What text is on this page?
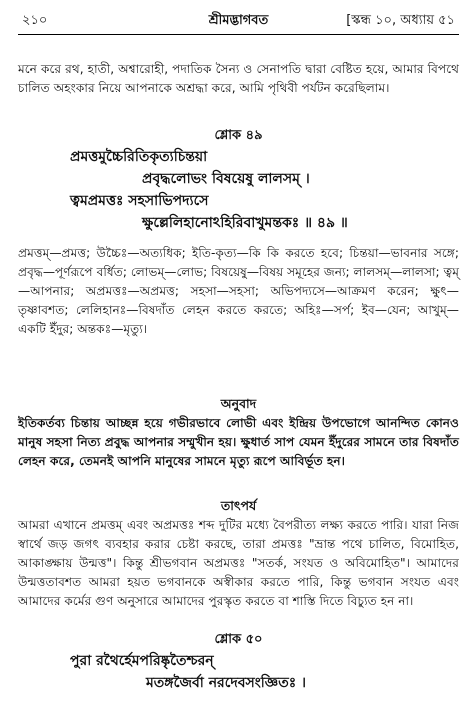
২১০	শ্রীমদ্ভাগবত	[স্কন্ধ ১০, অধ্যায় ৫১
মনে করে রথ, হাতী, অশ্বারোহী, পদাতিক সৈন্য ও সেনাপতি দ্বারা বেষ্টিত হয়ে, আমার বিপথে চালিত অহংকার নিয়ে আপনাকে অশ্রদ্ধা করে, আমি পৃথিবী পর্যটন করেছিলাম।
শ্লোক ৪৯
প্রমত্তমুচ্চৈরিতিকৃত্যচিন্তয়া
প্রবৃদ্ধলোভং বিষয়েষু লালসম্ ।
ত্বমপ্রমত্তঃ সহসাভিপদ্যসে
ক্ষুল্লেলিহানোঽহিরিবাখুমন্তকঃ ॥ ৪৯ ॥
প্রমত্তম্—প্রমত্ত; উচ্চৈঃ—অত্যধিক; ইতি-কৃত্য—কি কি করতে হবে; চিন্তয়া—ভাবনার সঙ্গে; প্রবৃদ্ধ—পূর্ণরূপে বর্ধিত; লোভম্—লোভ; বিষয়েষু—বিষয় সমূহের জন্য; লালসম্—লালসা; ত্বম্—আপনার; অপ্রমত্তঃ—অপ্রমত্ত; সহসা—সহসা; অভিপদ্যসে—আক্রমণ করেন; ক্ষুৎ—তৃষ্ণাবশত; লেলিহানঃ—বিষদাঁত লেহন করতে করতে; অহিঃ—সর্প; ইব—যেন; আখুম্—একটি ইঁদুর; অন্তকঃ—মৃত্যু।
অনুবাদ
ইতিকর্তব্য চিন্তায় আচ্ছন্ন হয়ে গভীরভাবে লোভী এবং ইন্দ্রিয় উপভোগে আনন্দিত কোনও মানুষ সহসা নিত্য প্রবুদ্ধ আপনার সম্মুখীন হয়। ক্ষুধার্ত সাপ যেমন ইঁদুরের সামনে তার বিষদাঁত লেহন করে, তেমনই আপনি মানুষের সামনে মৃত্যু রূপে আবির্ভূত হন।
তাৎপর্য
আমরা এখানে প্রমত্তম্ এবং অপ্রমত্তঃ শব্দ দুটির মধ্যে বৈপরীত্য লক্ষ্য করতে পারি। যারা নিজ স্বার্থে জড় জগৎ ব্যবহার করার চেষ্টা করছে, তারা প্রমত্তঃ "ভ্রান্ত পথে চালিত, বিমোহিত, আকাঙ্ক্ষায় উন্মত্ত"। কিন্তু শ্রীভগবান অপ্রমত্তঃ "সতর্ক, সংযত ও অবিমোহিত"। আমাদের উন্মত্ততাবশত আমরা হয়ত ভগবানকে অস্বীকার করতে পারি, কিন্তু ভগবান সংযত এবং আমাদের কর্মের গুণ অনুসারে আমাদের পুরস্কৃত করতে বা শাস্তি দিতে বিচ্যুত হন না।
শ্লোক ৫০
পুরা রথৈর্হেমপরিষ্কৃতৈশ্চরন্
মতঙ্গজৈর্বা নরদেবসংজ্ঞিতঃ ।
